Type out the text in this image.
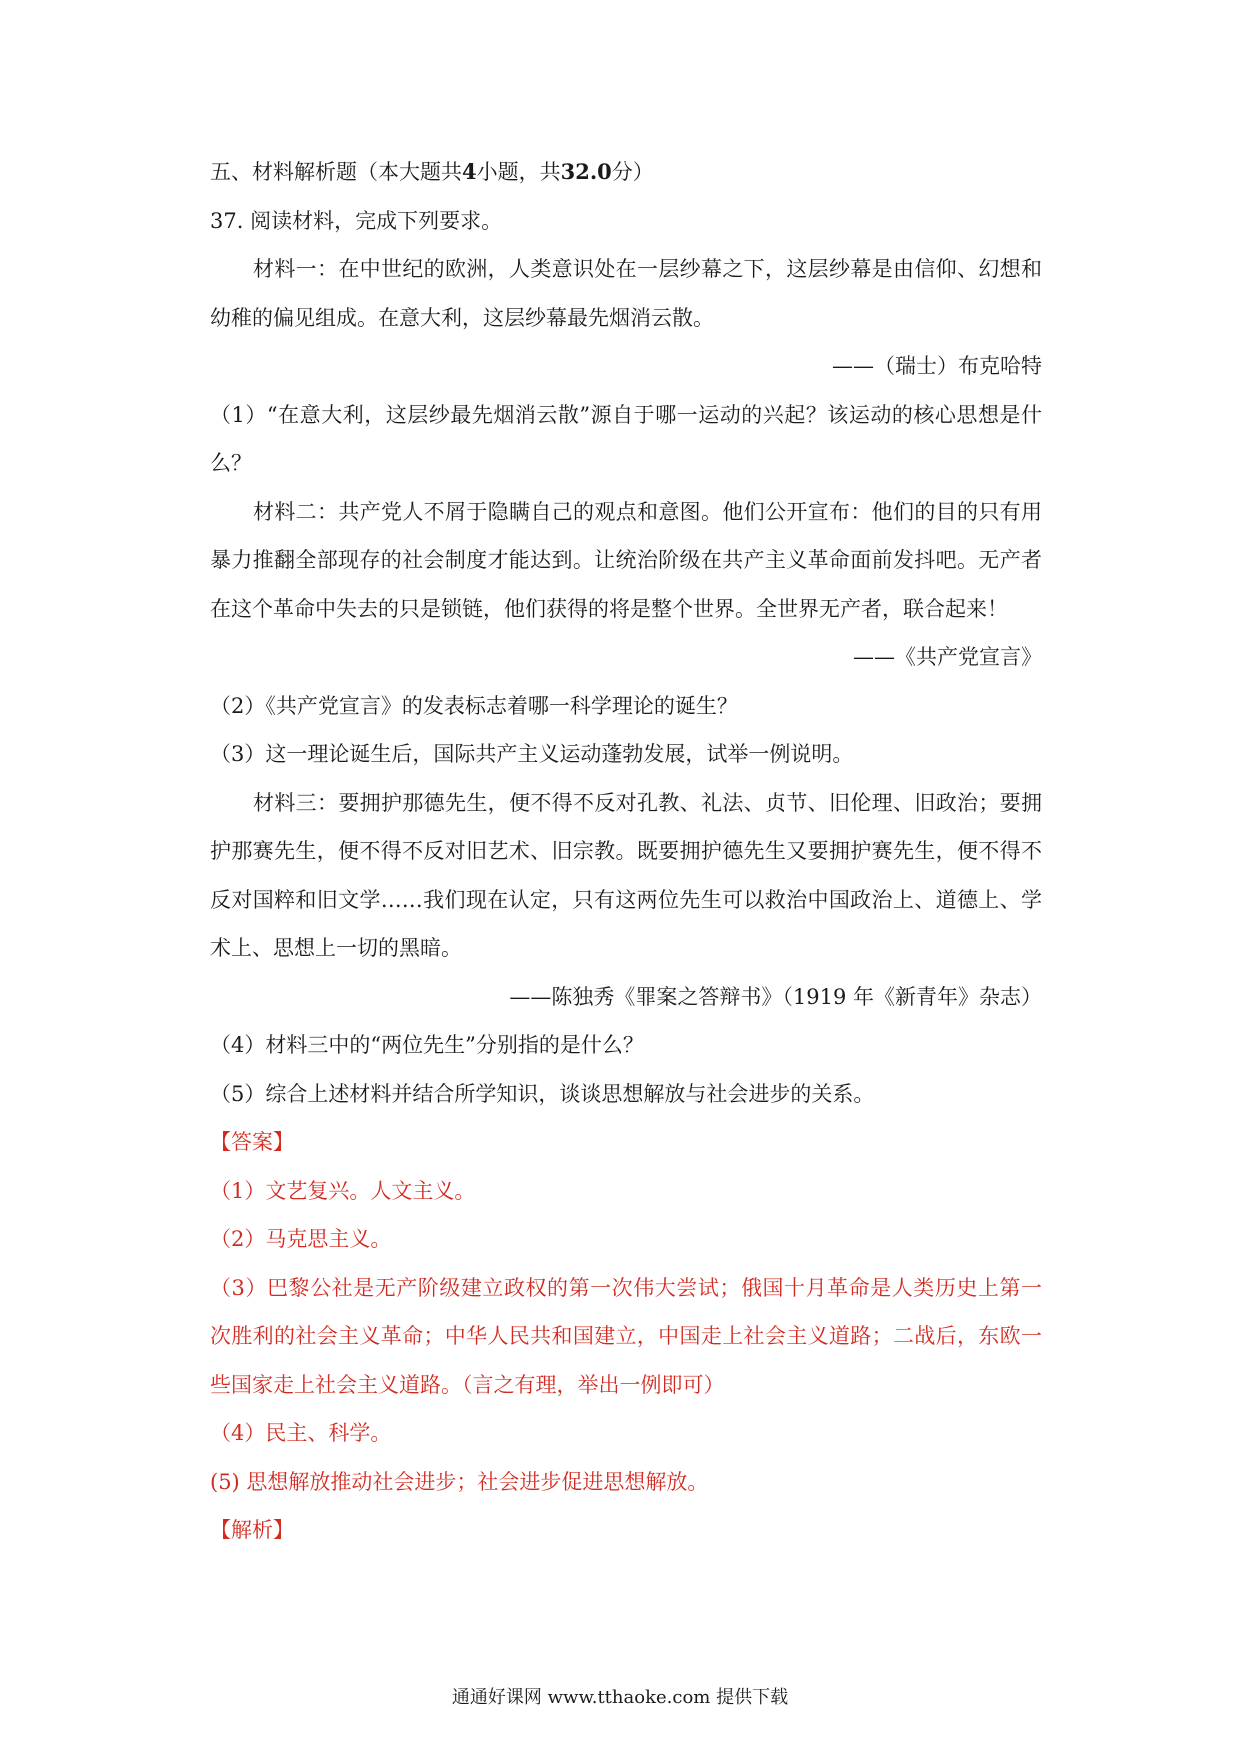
五、材料解析题（本大题共4小题，共32.0分）
37. 阅读材料，完成下列要求。

材料一：在中世纪的欧洲，人类意识处在一层纱幕之下，这层纱幕是由信仰、幻想和幼稚的偏见组成。在意大利，这层纱幕最先烟消云散。

——（瑞士）布克哈特

（1）“在意大利，这层纱最先烟消云散”源自于哪一运动的兴起？该运动的核心思想是什么？

材料二：共产党人不屑于隐瞒自己的观点和意图。他们公开宣布：他们的目的只有用暴力推翻全部现存的社会制度才能达到。让统治阶级在共产主义革命面前发抖吧。无产者在这个革命中失去的只是锁链，他们获得的将是整个世界。全世界无产者，联合起来！

——《共产党宣言》
（2）《共产党宣言》的发表标志着哪一科学理论的诞生？
（3）这一理论诞生后，国际共产主义运动蓬勃发展，试举一例说明。

材料三：要拥护那德先生，便不得不反对孔教、礼法、贞节、旧伦理、旧政治；要拥护那赛先生，便不得不反对旧艺术、旧宗教。既要拥护德先生又要拥护赛先生，便不得不反对国粹和旧文学……我们现在认定，只有这两位先生可以救治中国政治上、道德上、学术上、思想上一切的黑暗。

——陈独秀《罪案之答辩书》（1919 年《新青年》杂志）
（4）材料三中的“两位先生”分别指的是什么？
（5）综合上述材料并结合所学知识，谈谈思想解放与社会进步的关系。
【答案】
（1）文艺复兴。人文主义。
（2）马克思主义。

（3）巴黎公社是无产阶级建立政权的第一次伟大尝试；俄国十月革命是人类历史上第一次胜利的社会主义革命；中华人民共和国建立，中国走上社会主义道路；二战后，东欧一些国家走上社会主义道路。（言之有理，举出一例即可）

（4）民主、科学。
(5) 思想解放推动社会进步；社会进步促进思想解放。
【解析】
通通好课网 www.tthaoke.com 提供下载
